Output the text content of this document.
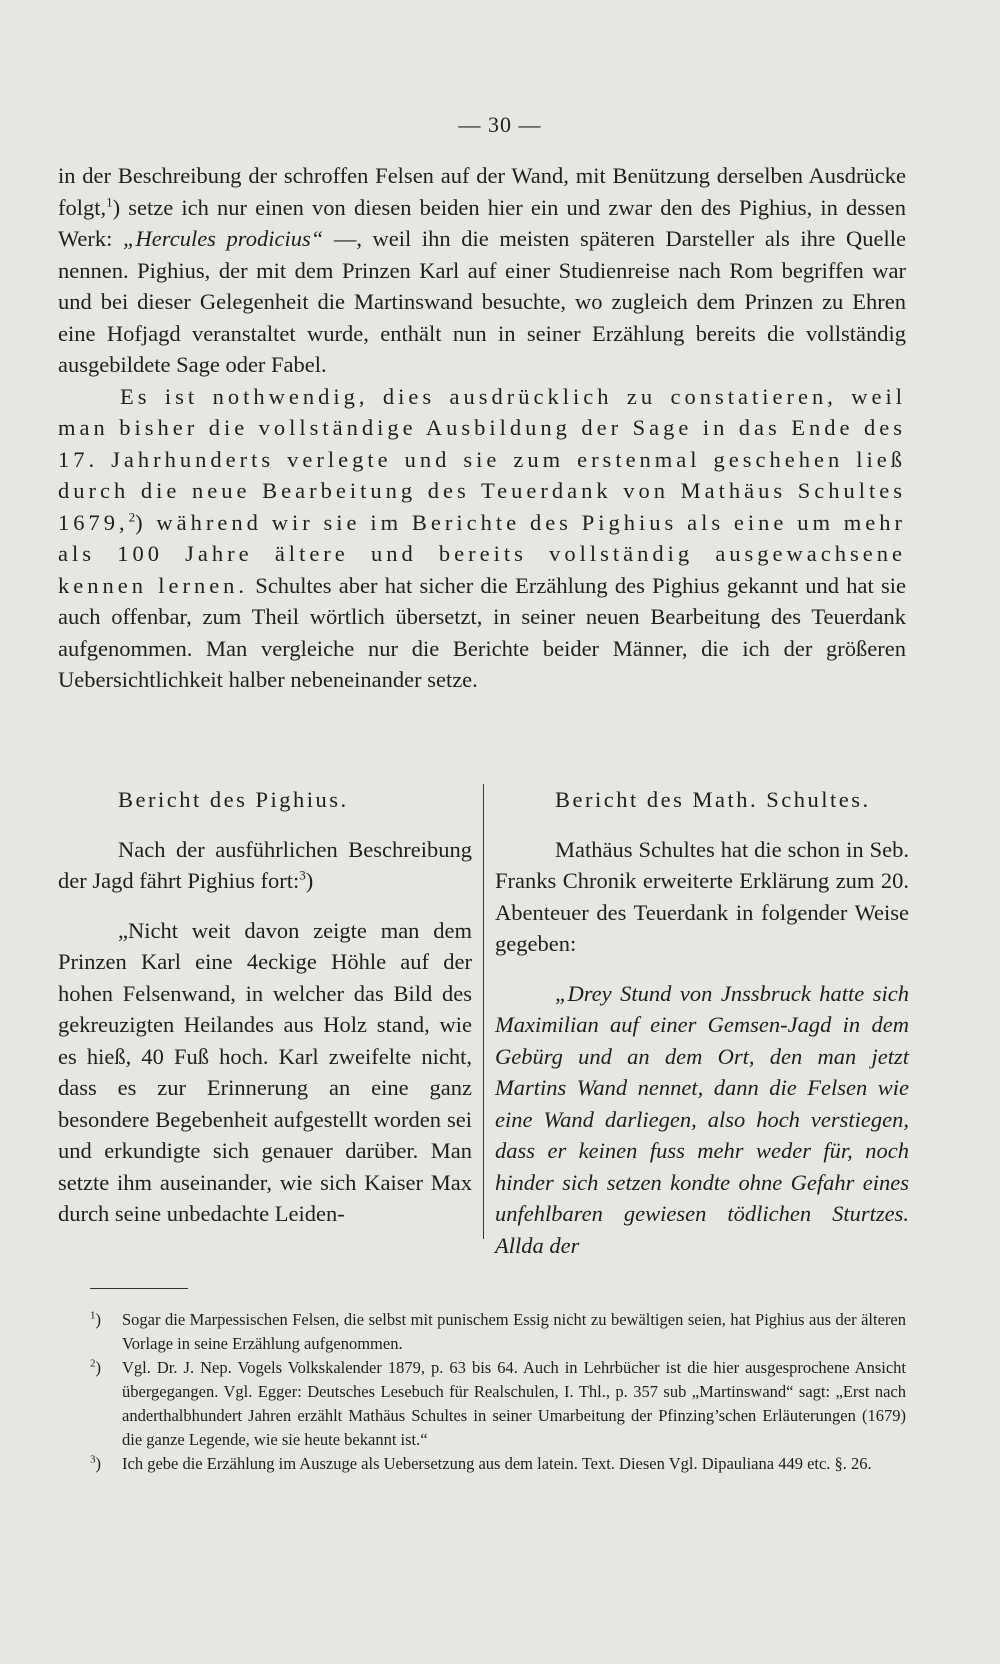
— 30 —

in der Beschreibung der schroffen Felsen auf der Wand, mit Benützung derselben Ausdrücke folgt,$^1$) setze ich nur einen von diesen beiden hier ein und zwar den des Pighius, in dessen Werk: „Hercules prodicius“ —, weil ihn die meisten späteren Darsteller als ihre Quelle nennen. Pighius, der mit dem Prinzen Karl auf einer Studienreise nach Rom begriffen war und bei dieser Gelegenheit die Martinswand besuchte, wo zugleich dem Prinzen zu Ehren eine Hofjagd veranstaltet wurde, enthält nun in seiner Erzählung bereits die vollständig ausgebildete Sage oder Fabel.

Es ist nothwendig, dies ausdrücklich zu constatieren, weil man bisher die vollständige Ausbildung der Sage in das Ende des 17. Jahrhunderts verlegte und sie zum erstenmal geschehen ließ durch die neue Bearbeitung des Teuerdank von Mathäus Schultes 1679,$^2$) während wir sie im Berichte des Pighius als eine um mehr als 100 Jahre ältere und bereits vollständig ausgewachsene kennen lernen. Schultes aber hat sicher die Erzählung des Pighius gekannt und hat sie auch offenbar, zum Theil wörtlich übersetzt, in seiner neuen Bearbeitung des Teuerdank aufgenommen. Man vergleiche nur die Berichte beider Männer, die ich der größeren Uebersichtlichkeit halber nebeneinander setze.

Bericht des Pighius.

Nach der ausführlichen Beschreibung der Jagd fährt Pighius fort:$^3$)

„Nicht weit davon zeigte man dem Prinzen Karl eine 4eckige Höhle auf der hohen Felsenwand, in welcher das Bild des gekreuzigten Heilandes aus Holz stand, wie es hieß, 40 Fuß hoch. Karl zweifelte nicht, dass es zur Erinnerung an eine ganz besondere Begebenheit aufgestellt worden sei und erkundigte sich genauer darüber. Man setzte ihm auseinander, wie sich Kaiser Max durch seine unbedachte Leiden-

Bericht des Math. Schultes.

Mathäus Schultes hat die schon in Seb. Franks Chronik erweiterte Erklärung zum 20. Abenteuer des Teuerdank in folgender Weise gegeben:

„Drey Stund von Jnssbruck hatte sich Maximilian auf einer Gemsen-Jagd in dem Gebürg und an dem Ort, den man jetzt Martins Wand nennet, dann die Felsen wie eine Wand darliegen, also hoch verstiegen, dass er keinen fuss mehr weder für, noch hinder sich setzen kondte ohne Gefahr eines unfehlbaren gewiesen tödlichen Sturtzes. Allda der

$^1$) Sogar die Marpessischen Felsen, die selbst mit punischem Essig nicht zu bewältigen seien, hat Pighius aus der älteren Vorlage in seine Erzählung aufgenommen.

$^2$) Vgl. Dr. J. Nep. Vogels Volkskalender 1879, p. 63 bis 64. Auch in Lehrbücher ist die hier ausgesprochene Ansicht übergegangen. Vgl. Egger: Deutsches Lesebuch für Realschulen, I. Thl., p. 357 sub „Martinswand“ sagt: „Erst nach anderthalbhundert Jahren erzählt Mathäus Schultes in seiner Umarbeitung der Pfinzing’schen Erläuterungen (1679) die ganze Legende, wie sie heute bekannt ist.“

$^3$) Ich gebe die Erzählung im Auszuge als Uebersetzung aus dem latein. Text. Diesen Vgl. Dipauliana 449 etc. §. 26.
